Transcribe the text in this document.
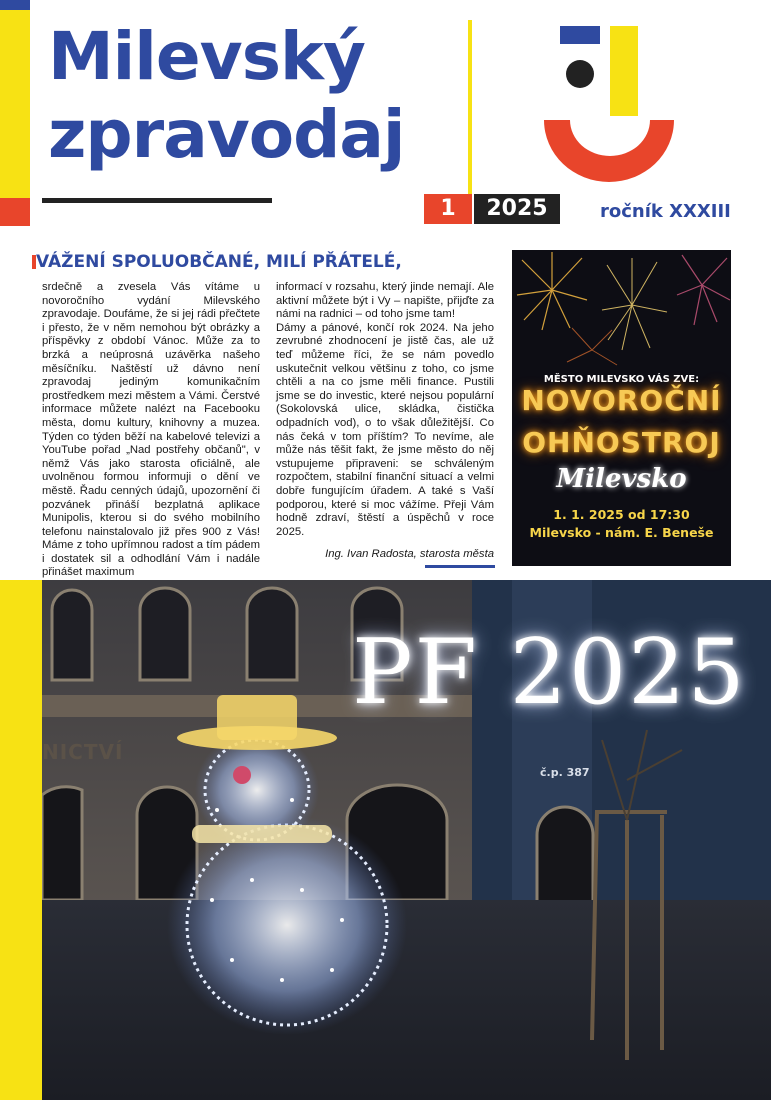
Milevský
zpravodaj
1	2025	ročník XXXIII
VÁŽENÍ SPOLUOBČANÉ, MILÍ PŘÁTELÉ,
srdečně a zvesela Vás vítáme u novoročního vydání Milevského zpravodaje. Doufáme, že si jej rádi přečtete i přesto, že v něm nemohou být obrázky a příspěvky z období Vánoc. Může za to brzká a neúprosná uzávěrka našeho měsíčníku. Naštěstí už dávno není zpravodaj jediným komunikačním prostředkem mezi městem a Vámi. Čerstvé informace můžete nalézt na Facebooku města, domu kultury, knihovny a muzea. Týden co týden běží na kabelové televizi a YouTube pořad „Nad postřehy občanů", v němž Vás jako starosta oficiálně, ale uvolněnou formou informuji o dění ve městě. Řadu cenných údajů, upozornění či pozvánek přináší bezplatná aplikace Munipolis, kterou si do svého mobilního telefonu nainstalovalo již přes 900 z Vás! Máme z toho upřímnou radost a tím pádem i dostatek sil a odhodlání Vám i nadále přinášet maximum
informací v rozsahu, který jinde nemají. Ale aktivní můžete být i Vy – napište, přijďte za námi na radnici – od toho jsme tam!
Dámy a pánové, končí rok 2024. Na jeho zevrubné zhodnocení je jistě čas, ale už teď můžeme říci, že se nám povedlo uskutečnit velkou většinu z toho, co jsme chtěli a na co jsme měli finance. Pustili jsme se do investic, které nejsou populární (Sokolovská ulice, skládka, čistička odpadních vod), o to však důležitější. Co nás čeká v tom příštím? To nevíme, ale může nás těšit fakt, že jsme město do něj vstupujeme připraveni: se schváleným rozpočtem, stabilní finanční situací a velmi dobře fungujícím úřadem. A také s Vaší podporou, které si moc vážíme. Přeji Vám hodně zdraví, štěstí a úspěchů v roce 2025.
Ing. Ivan Radosta, starosta města
MĚSTO MILEVSKO VÁS ZVE:
NOVOROČNÍ
OHŇOSTROJ
Milevsko
1. 1. 2025 od 17:30
Milevsko - nám. E. Beneše
PF 2025
NICTVÍ
č.p. 387
